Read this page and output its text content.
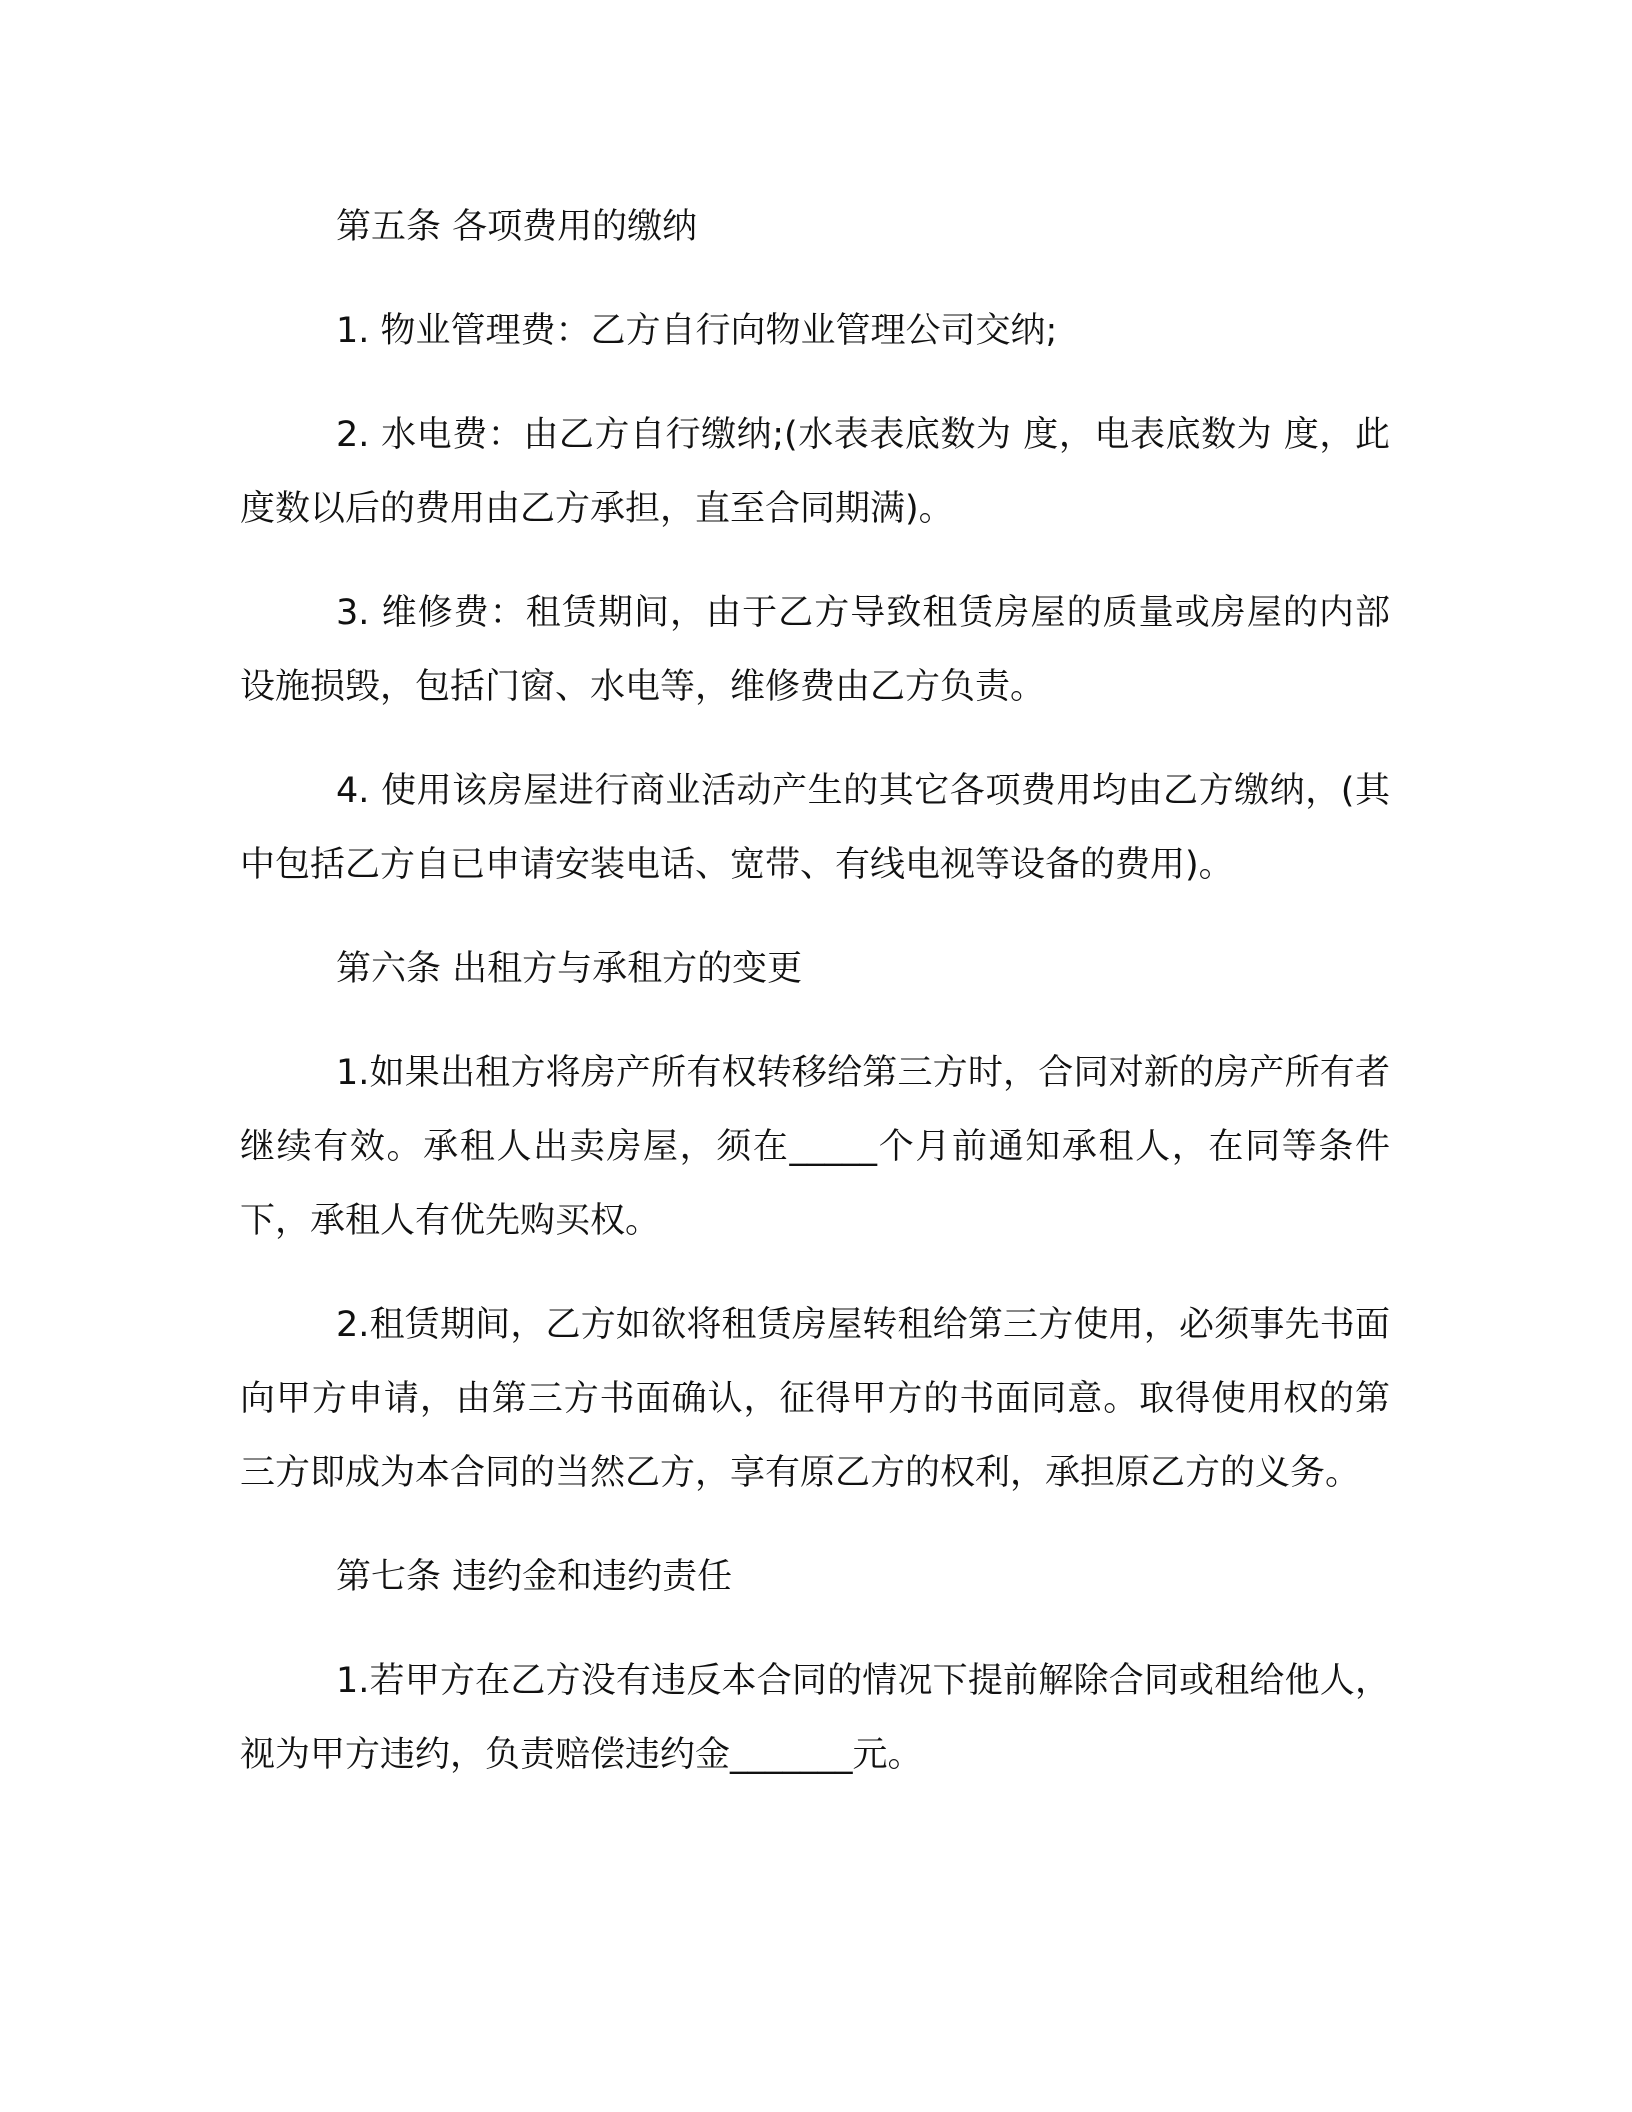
第五条 各项费用的缴纳

1. 物业管理费：乙方自行向物业管理公司交纳;

2. 水电费：由乙方自行缴纳;(水表表底数为 度，电表底数为 度，此度数以后的费用由乙方承担，直至合同期满)。

3. 维修费：租赁期间，由于乙方导致租赁房屋的质量或房屋的内部设施损毁，包括门窗、水电等，维修费由乙方负责。

4. 使用该房屋进行商业活动产生的其它各项费用均由乙方缴纳，(其中包括乙方自已申请安装电话、宽带、有线电视等设备的费用)。

第六条 出租方与承租方的变更

1.如果出租方将房产所有权转移给第三方时，合同对新的房产所有者继续有效。承租人出卖房屋，须在_____个月前通知承租人，在同等条件下，承租人有优先购买权。

2.租赁期间，乙方如欲将租赁房屋转租给第三方使用，必须事先书面向甲方申请，由第三方书面确认，征得甲方的书面同意。取得使用权的第三方即成为本合同的当然乙方，享有原乙方的权利，承担原乙方的义务。

第七条 违约金和违约责任

1.若甲方在乙方没有违反本合同的情况下提前解除合同或租给他人，视为甲方违约，负责赔偿违约金_______元。
